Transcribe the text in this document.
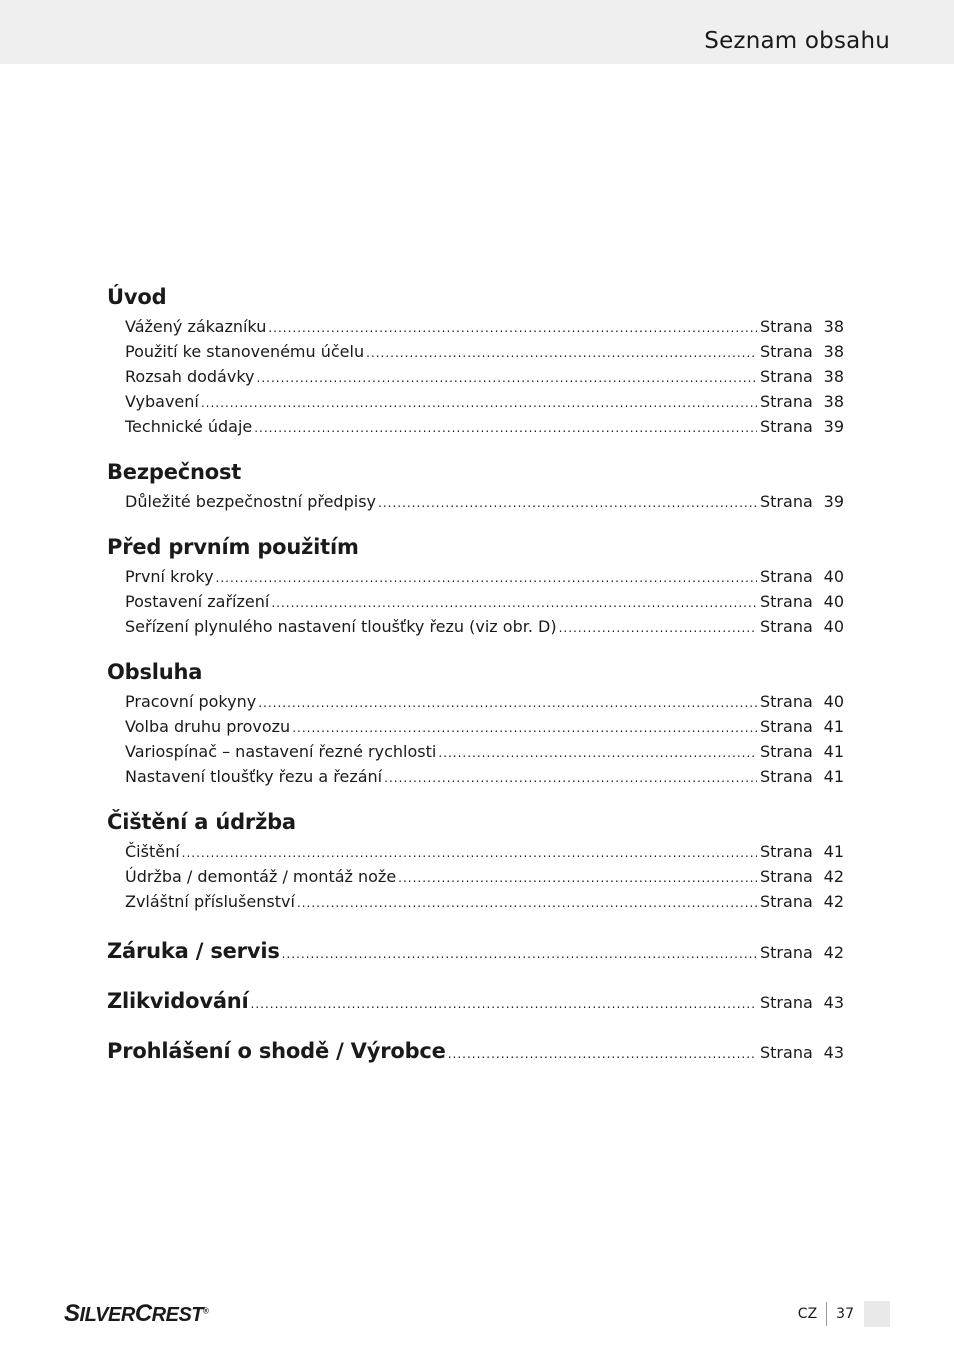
Seznam obsahu
Úvod
Vážený zákazníku .....	Strana 38
Použití ke stanovenému účelu .....	Strana 38
Rozsah dodávky .....	Strana 38
Vybavení .....	Strana 38
Technické údaje .....	Strana 39
Bezpečnost
Důležité bezpečnostní předpisy .....	Strana 39
Před prvním použitím
První kroky .....	Strana 40
Postavení zařízení .....	Strana 40
Seřízení plynulého nastavení tloušťky řezu (viz obr. D) .....	Strana 40
Obsluha
Pracovní pokyny .....	Strana 40
Volba druhu provozu .....	Strana 41
Variospínač – nastavení řezné rychlosti .....	Strana 41
Nastavení tloušťky řezu a řezání .....	Strana 41
Čištění a údržba
Čištění .....	Strana 41
Údržba / demontáž / montáž nože .....	Strana 42
Zvláštní příslušenství .....	Strana 42
Záruka / servis .....	Strana 42
Zlikvidování .....	Strana 43
Prohlášení o shodě / Výrobce .....	Strana 43
SILVERCREST®	CZ	37
